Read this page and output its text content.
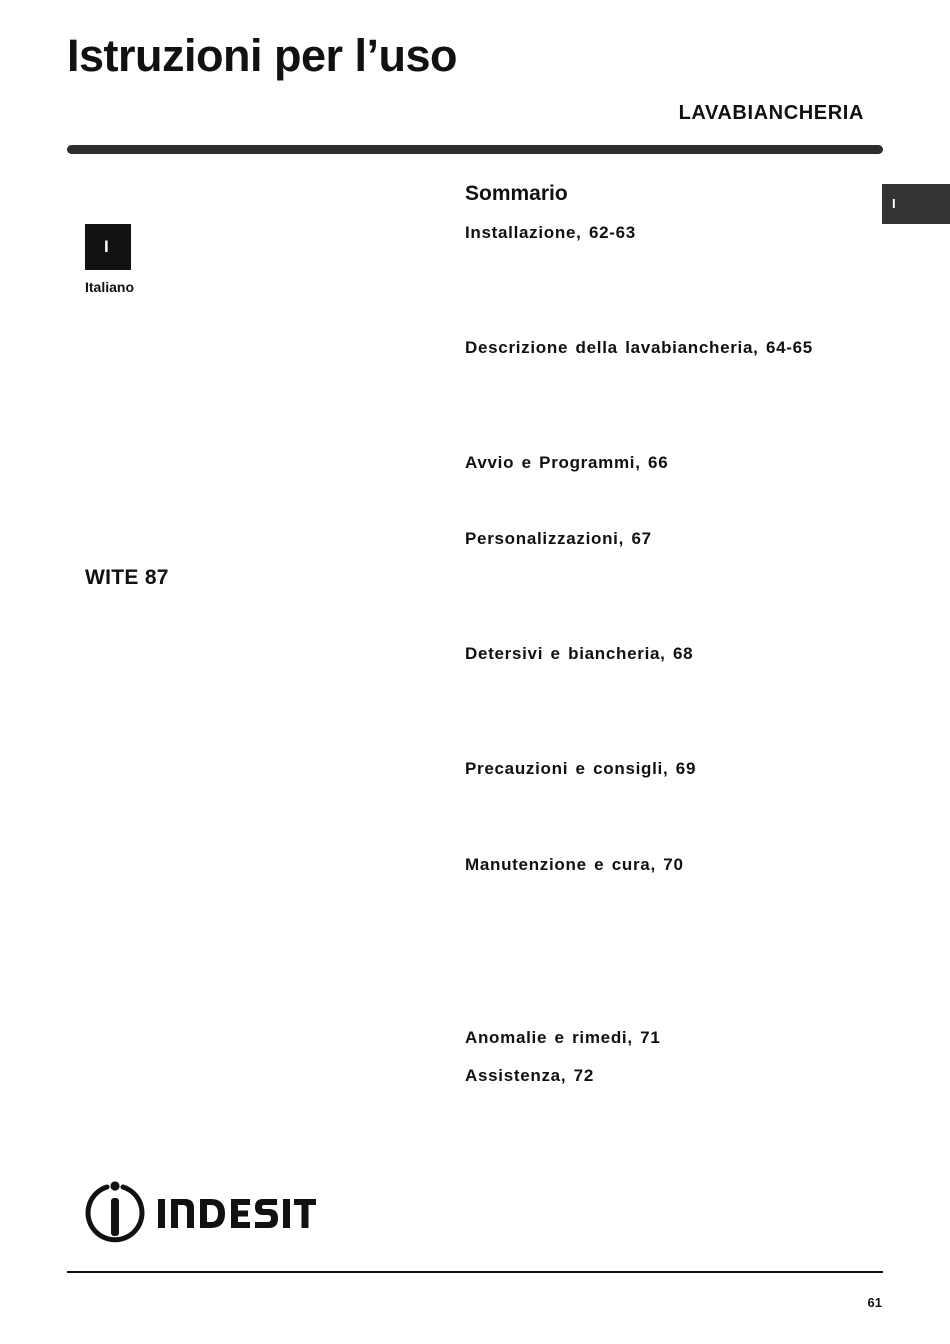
Istruzioni per l’uso
LAVABIANCHERIA
I
I
Italiano
WITE 87
Sommario
Installazione, 62-63
Descrizione della lavabiancheria, 64-65
Avvio e Programmi, 66
Personalizzazioni, 67
Detersivi e biancheria, 68
Precauzioni e consigli, 69
Manutenzione e cura, 70
Anomalie e rimedi, 71
Assistenza, 72
61
